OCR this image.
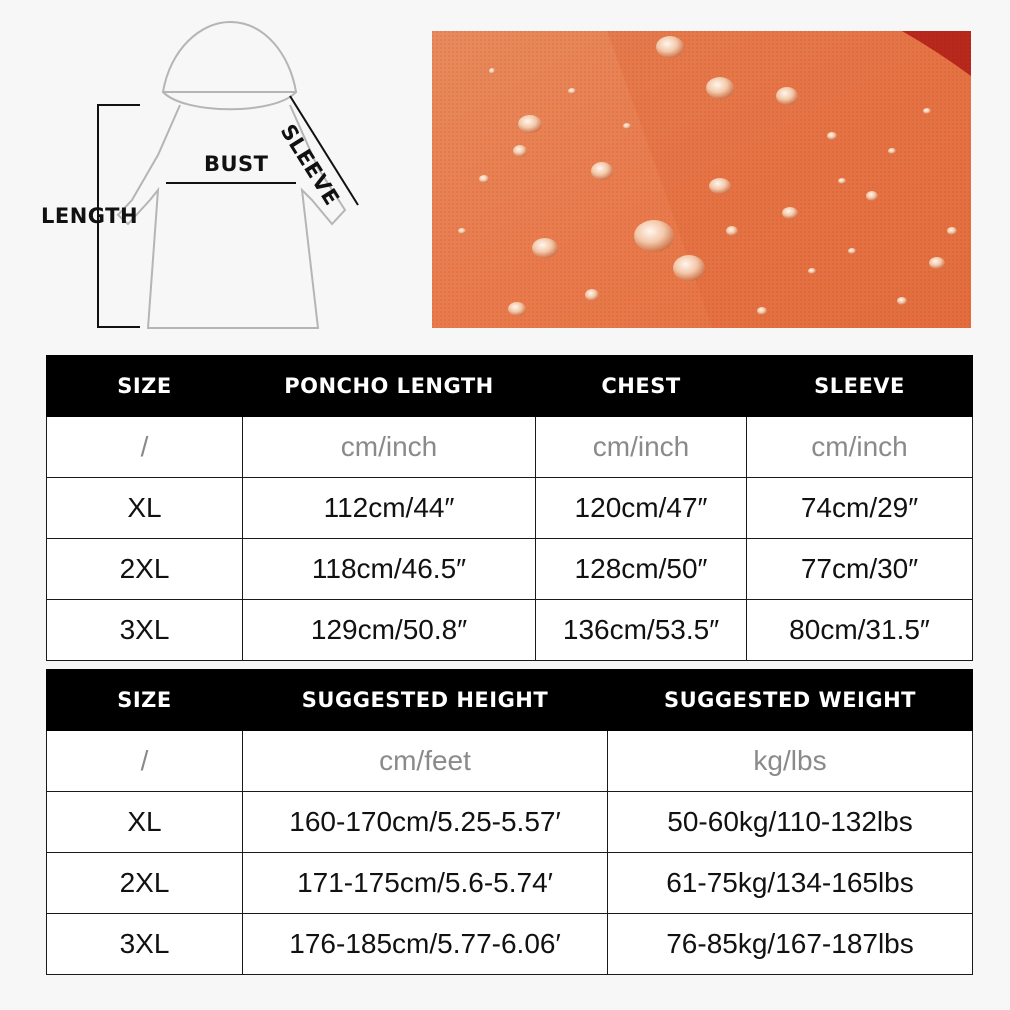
LENGTH
BUST SLEEVE
SIZE	PONCHO LENGTH	CHEST	SLEEVE
/	cm/inch	cm/inch	cm/inch
XL	112cm/44″	120cm/47″	74cm/29″
2XL	118cm/46.5″	128cm/50″	77cm/30″
3XL	129cm/50.8″	136cm/53.5″	80cm/31.5″
SIZE	SUGGESTED HEIGHT	SUGGESTED WEIGHT
/	cm/feet	kg/lbs
XL	160-170cm/5.25-5.57′	50-60kg/110-132lbs
2XL	171-175cm/5.6-5.74′	61-75kg/134-165lbs
3XL	176-185cm/5.77-6.06′	76-85kg/167-187lbs
